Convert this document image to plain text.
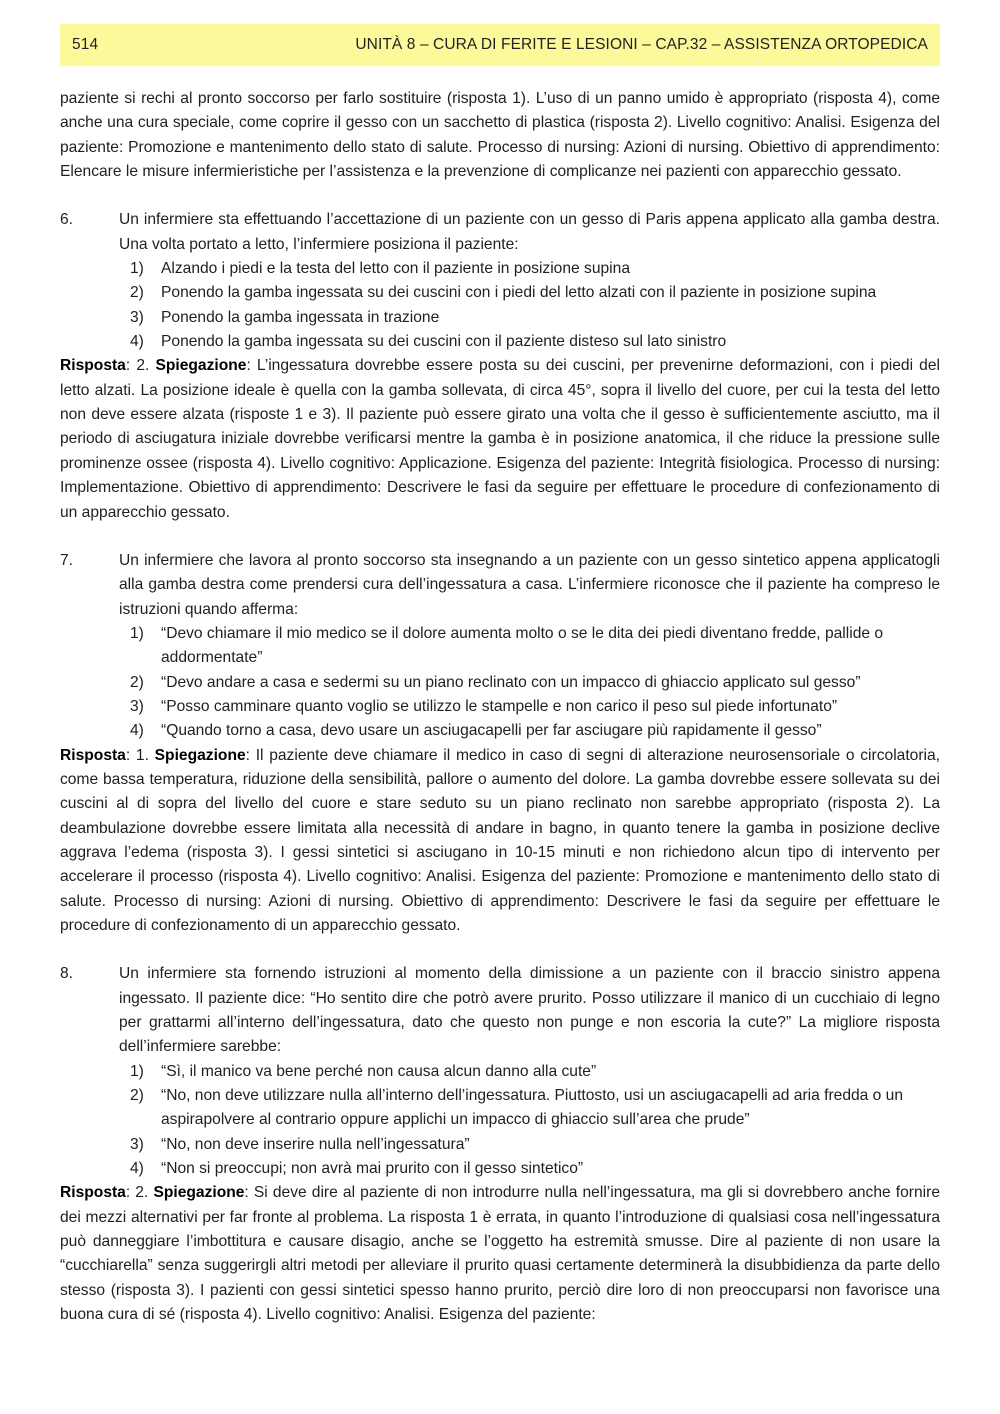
514	UNITÀ 8 – CURA DI FERITE E LESIONI – CAP.32 – ASSISTENZA ORTOPEDICA

paziente si rechi al pronto soccorso per farlo sostituire (risposta 1). L’uso di un panno umido è appropriato (risposta 4), come anche una cura speciale, come coprire il gesso con un sacchetto di plastica (risposta 2). Livello cognitivo: Analisi. Esigenza del paziente: Promozione e mantenimento dello stato di salute. Processo di nursing: Azioni di nursing. Obiettivo di apprendimento: Elencare le misure infermieristiche per l’assistenza e la prevenzione di complicanze nei pazienti con apparecchio gessato.

6.	Un infermiere sta effettuando l’accettazione di un paziente con un gesso di Paris appena applicato alla gamba destra. Una volta portato a letto, l’infermiere posiziona il paziente:
1)	Alzando i piedi e la testa del letto con il paziente in posizione supina
2)	Ponendo la gamba ingessata su dei cuscini con i piedi del letto alzati con il paziente in posizione supina
3)	Ponendo la gamba ingessata in trazione
4)	Ponendo la gamba ingessata su dei cuscini con il paziente disteso sul lato sinistro

Risposta: 2. Spiegazione: L’ingessatura dovrebbe essere posta su dei cuscini, per prevenirne deformazioni, con i piedi del letto alzati. La posizione ideale è quella con la gamba sollevata, di circa 45°, sopra il livello del cuore, per cui la testa del letto non deve essere alzata (risposte 1 e 3). Il paziente può essere girato una volta che il gesso è sufficientemente asciutto, ma il periodo di asciugatura iniziale dovrebbe verificarsi mentre la gamba è in posizione anatomica, il che riduce la pressione sulle prominenze ossee (risposta 4). Livello cognitivo: Applicazione. Esigenza del paziente: Integrità fisiologica. Processo di nursing: Implementazione. Obiettivo di apprendimento: Descrivere le fasi da seguire per effettuare le procedure di confezionamento di un apparecchio gessato.

7.	Un infermiere che lavora al pronto soccorso sta insegnando a un paziente con un gesso sintetico appena applicatogli alla gamba destra come prendersi cura dell’ingessatura a casa. L’infermiere riconosce che il paziente ha compreso le istruzioni quando afferma:
1)	“Devo chiamare il mio medico se il dolore aumenta molto o se le dita dei piedi diventano fredde, pallide o addormentate”
2)	“Devo andare a casa e sedermi su un piano reclinato con un impacco di ghiaccio applicato sul gesso”
3)	“Posso camminare quanto voglio se utilizzo le stampelle e non carico il peso sul piede infortunato”
4)	“Quando torno a casa, devo usare un asciugacapelli per far asciugare più rapidamente il gesso”

Risposta: 1. Spiegazione: Il paziente deve chiamare il medico in caso di segni di alterazione neurosensoriale o circolatoria, come bassa temperatura, riduzione della sensibilità, pallore o aumento del dolore. La gamba dovrebbe essere sollevata su dei cuscini al di sopra del livello del cuore e stare seduto su un piano reclinato non sarebbe appropriato (risposta 2). La deambulazione dovrebbe essere limitata alla necessità di andare in bagno, in quanto tenere la gamba in posizione declive aggrava l’edema (risposta 3). I gessi sintetici si asciugano in 10-15 minuti e non richiedono alcun tipo di intervento per accelerare il processo (risposta 4). Livello cognitivo: Analisi. Esigenza del paziente: Promozione e mantenimento dello stato di salute. Processo di nursing: Azioni di nursing. Obiettivo di apprendimento: Descrivere le fasi da seguire per effettuare le procedure di confezionamento di un apparecchio gessato.

8.	Un infermiere sta fornendo istruzioni al momento della dimissione a un paziente con il braccio sinistro appena ingessato. Il paziente dice: “Ho sentito dire che potrò avere prurito. Posso utilizzare il manico di un cucchiaio di legno per grattarmi all’interno dell’ingessatura, dato che questo non punge e non escoria la cute?” La migliore risposta dell’infermiere sarebbe:
1)	“Sì, il manico va bene perché non causa alcun danno alla cute”
2)	“No, non deve utilizzare nulla all’interno dell’ingessatura. Piuttosto, usi un asciugacapelli ad aria fredda o un aspirapolvere al contrario oppure applichi un impacco di ghiaccio sull’area che prude”
3)	“No, non deve inserire nulla nell’ingessatura”
4)	“Non si preoccupi; non avrà mai prurito con il gesso sintetico”

Risposta: 2. Spiegazione: Si deve dire al paziente di non introdurre nulla nell’ingessatura, ma gli si dovrebbero anche fornire dei mezzi alternativi per far fronte al problema. La risposta 1 è errata, in quanto l’introduzione di qualsiasi cosa nell’ingessatura può danneggiare l’imbottitura e causare disagio, anche se l’oggetto ha estremità smusse. Dire al paziente di non usare la “cucchiarella” senza suggerirgli altri metodi per alleviare il prurito quasi certamente determinerà la disubbidienza da parte dello stesso (risposta 3). I pazienti con gessi sintetici spesso hanno prurito, perciò dire loro di non preoccuparsi non favorisce una buona cura di sé (risposta 4). Livello cognitivo: Analisi. Esigenza del paziente:
